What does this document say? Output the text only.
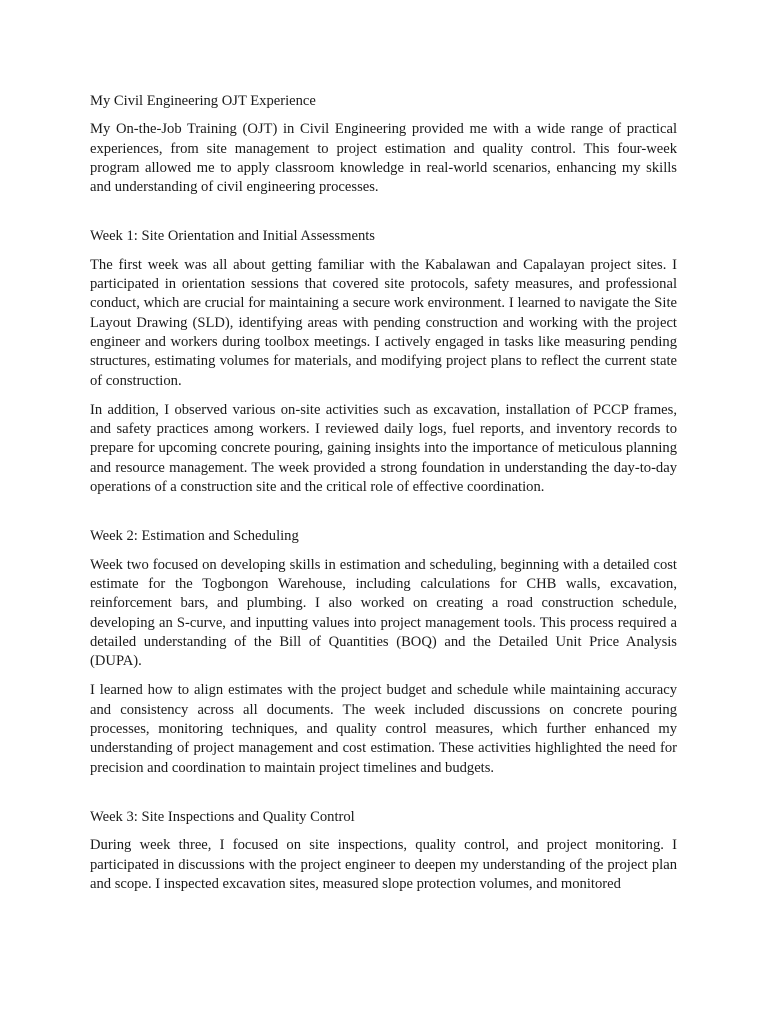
My Civil Engineering OJT Experience

My On-the-Job Training (OJT) in Civil Engineering provided me with a wide range of practical experiences, from site management to project estimation and quality control. This four-week program allowed me to apply classroom knowledge in real-world scenarios, enhancing my skills and understanding of civil engineering processes.

Week 1: Site Orientation and Initial Assessments

The first week was all about getting familiar with the Kabalawan and Capalayan project sites. I participated in orientation sessions that covered site protocols, safety measures, and professional conduct, which are crucial for maintaining a secure work environment. I learned to navigate the Site Layout Drawing (SLD), identifying areas with pending construction and working with the project engineer and workers during toolbox meetings. I actively engaged in tasks like measuring pending structures, estimating volumes for materials, and modifying project plans to reflect the current state of construction.

In addition, I observed various on-site activities such as excavation, installation of PCCP frames, and safety practices among workers. I reviewed daily logs, fuel reports, and inventory records to prepare for upcoming concrete pouring, gaining insights into the importance of meticulous planning and resource management. The week provided a strong foundation in understanding the day-to-day operations of a construction site and the critical role of effective coordination.

Week 2: Estimation and Scheduling

Week two focused on developing skills in estimation and scheduling, beginning with a detailed cost estimate for the Togbongon Warehouse, including calculations for CHB walls, excavation, reinforcement bars, and plumbing. I also worked on creating a road construction schedule, developing an S-curve, and inputting values into project management tools. This process required a detailed understanding of the Bill of Quantities (BOQ) and the Detailed Unit Price Analysis (DUPA).

I learned how to align estimates with the project budget and schedule while maintaining accuracy and consistency across all documents. The week included discussions on concrete pouring processes, monitoring techniques, and quality control measures, which further enhanced my understanding of project management and cost estimation. These activities highlighted the need for precision and coordination to maintain project timelines and budgets.

Week 3: Site Inspections and Quality Control

During week three, I focused on site inspections, quality control, and project monitoring. I participated in discussions with the project engineer to deepen my understanding of the project plan and scope. I inspected excavation sites, measured slope protection volumes, and monitored
